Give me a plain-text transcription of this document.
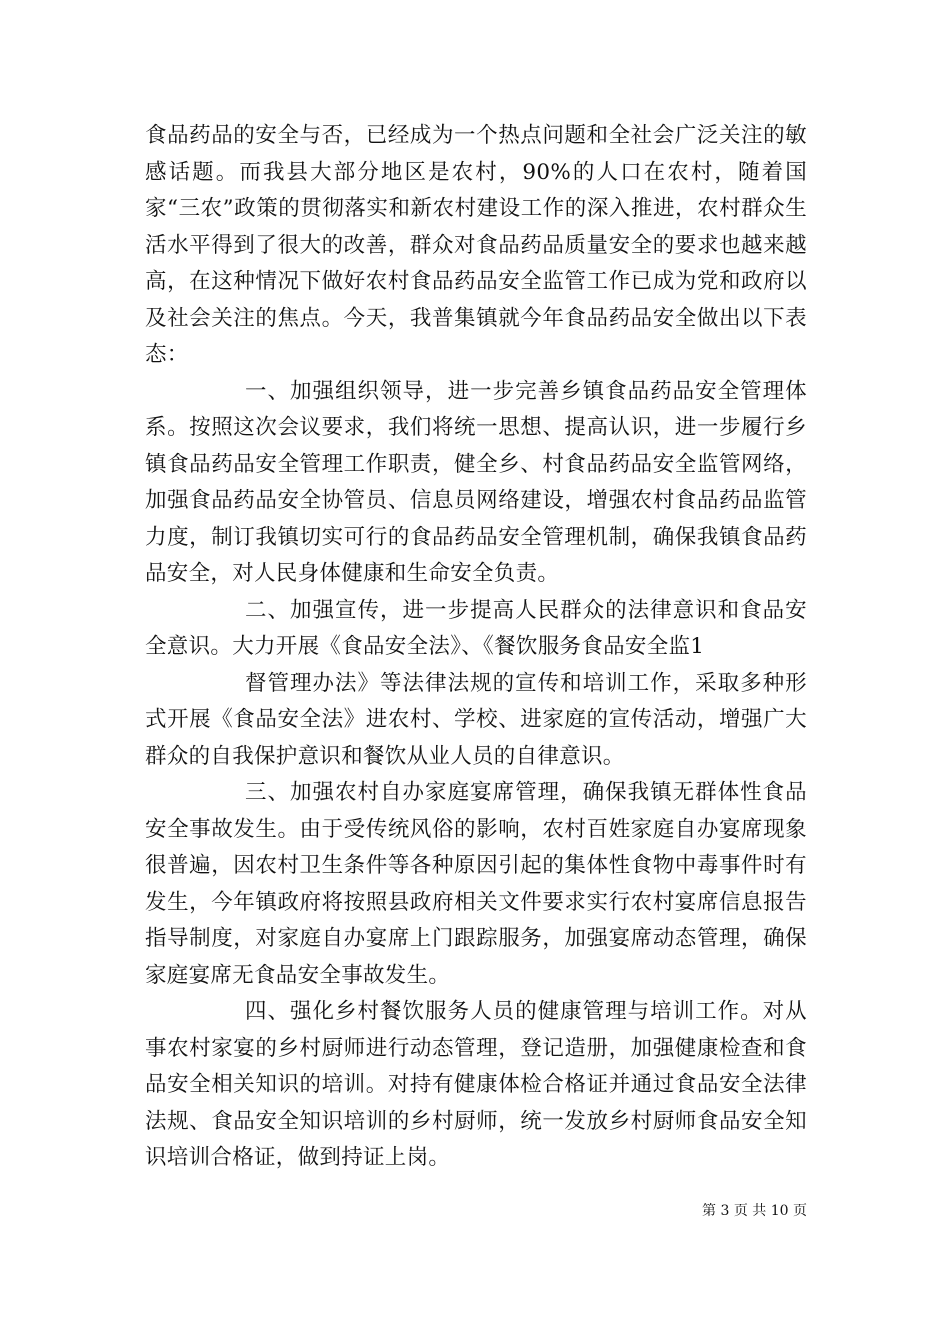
食品药品的安全与否，已经成为一个热点问题和全社会广泛关注的敏感话题。而我县大部分地区是农村，90%的人口在农村，随着国家“三农”政策的贯彻落实和新农村建设工作的深入推进，农村群众生活水平得到了很大的改善，群众对食品药品质量安全的要求也越来越高，在这种情况下做好农村食品药品安全监管工作已成为党和政府以及社会关注的焦点。今天，我普集镇就今年食品药品安全做出以下表态：

一、加强组织领导，进一步完善乡镇食品药品安全管理体系。按照这次会议要求，我们将统一思想、提高认识，进一步履行乡镇食品药品安全管理工作职责，健全乡、村食品药品安全监管网络，加强食品药品安全协管员、信息员网络建设，增强农村食品药品监管力度，制订我镇切实可行的食品药品安全管理机制，确保我镇食品药品安全，对人民身体健康和生命安全负责。

二、加强宣传，进一步提高人民群众的法律意识和食品安全意识。大力开展《食品安全法》、《餐饮服务食品安全监1

督管理办法》等法律法规的宣传和培训工作，采取多种形式开展《食品安全法》进农村、学校、进家庭的宣传活动，增强广大群众的自我保护意识和餐饮从业人员的自律意识。

三、加强农村自办家庭宴席管理，确保我镇无群体性食品安全事故发生。由于受传统风俗的影响，农村百姓家庭自办宴席现象很普遍，因农村卫生条件等各种原因引起的集体性食物中毒事件时有发生，今年镇政府将按照县政府相关文件要求实行农村宴席信息报告指导制度，对家庭自办宴席上门跟踪服务，加强宴席动态管理，确保家庭宴席无食品安全事故发生。

四、强化乡村餐饮服务人员的健康管理与培训工作。对从事农村家宴的乡村厨师进行动态管理，登记造册，加强健康检查和食品安全相关知识的培训。对持有健康体检合格证并通过食品安全法律法规、食品安全知识培训的乡村厨师，统一发放乡村厨师食品安全知识培训合格证，做到持证上岗。

第 3 页 共 10 页
